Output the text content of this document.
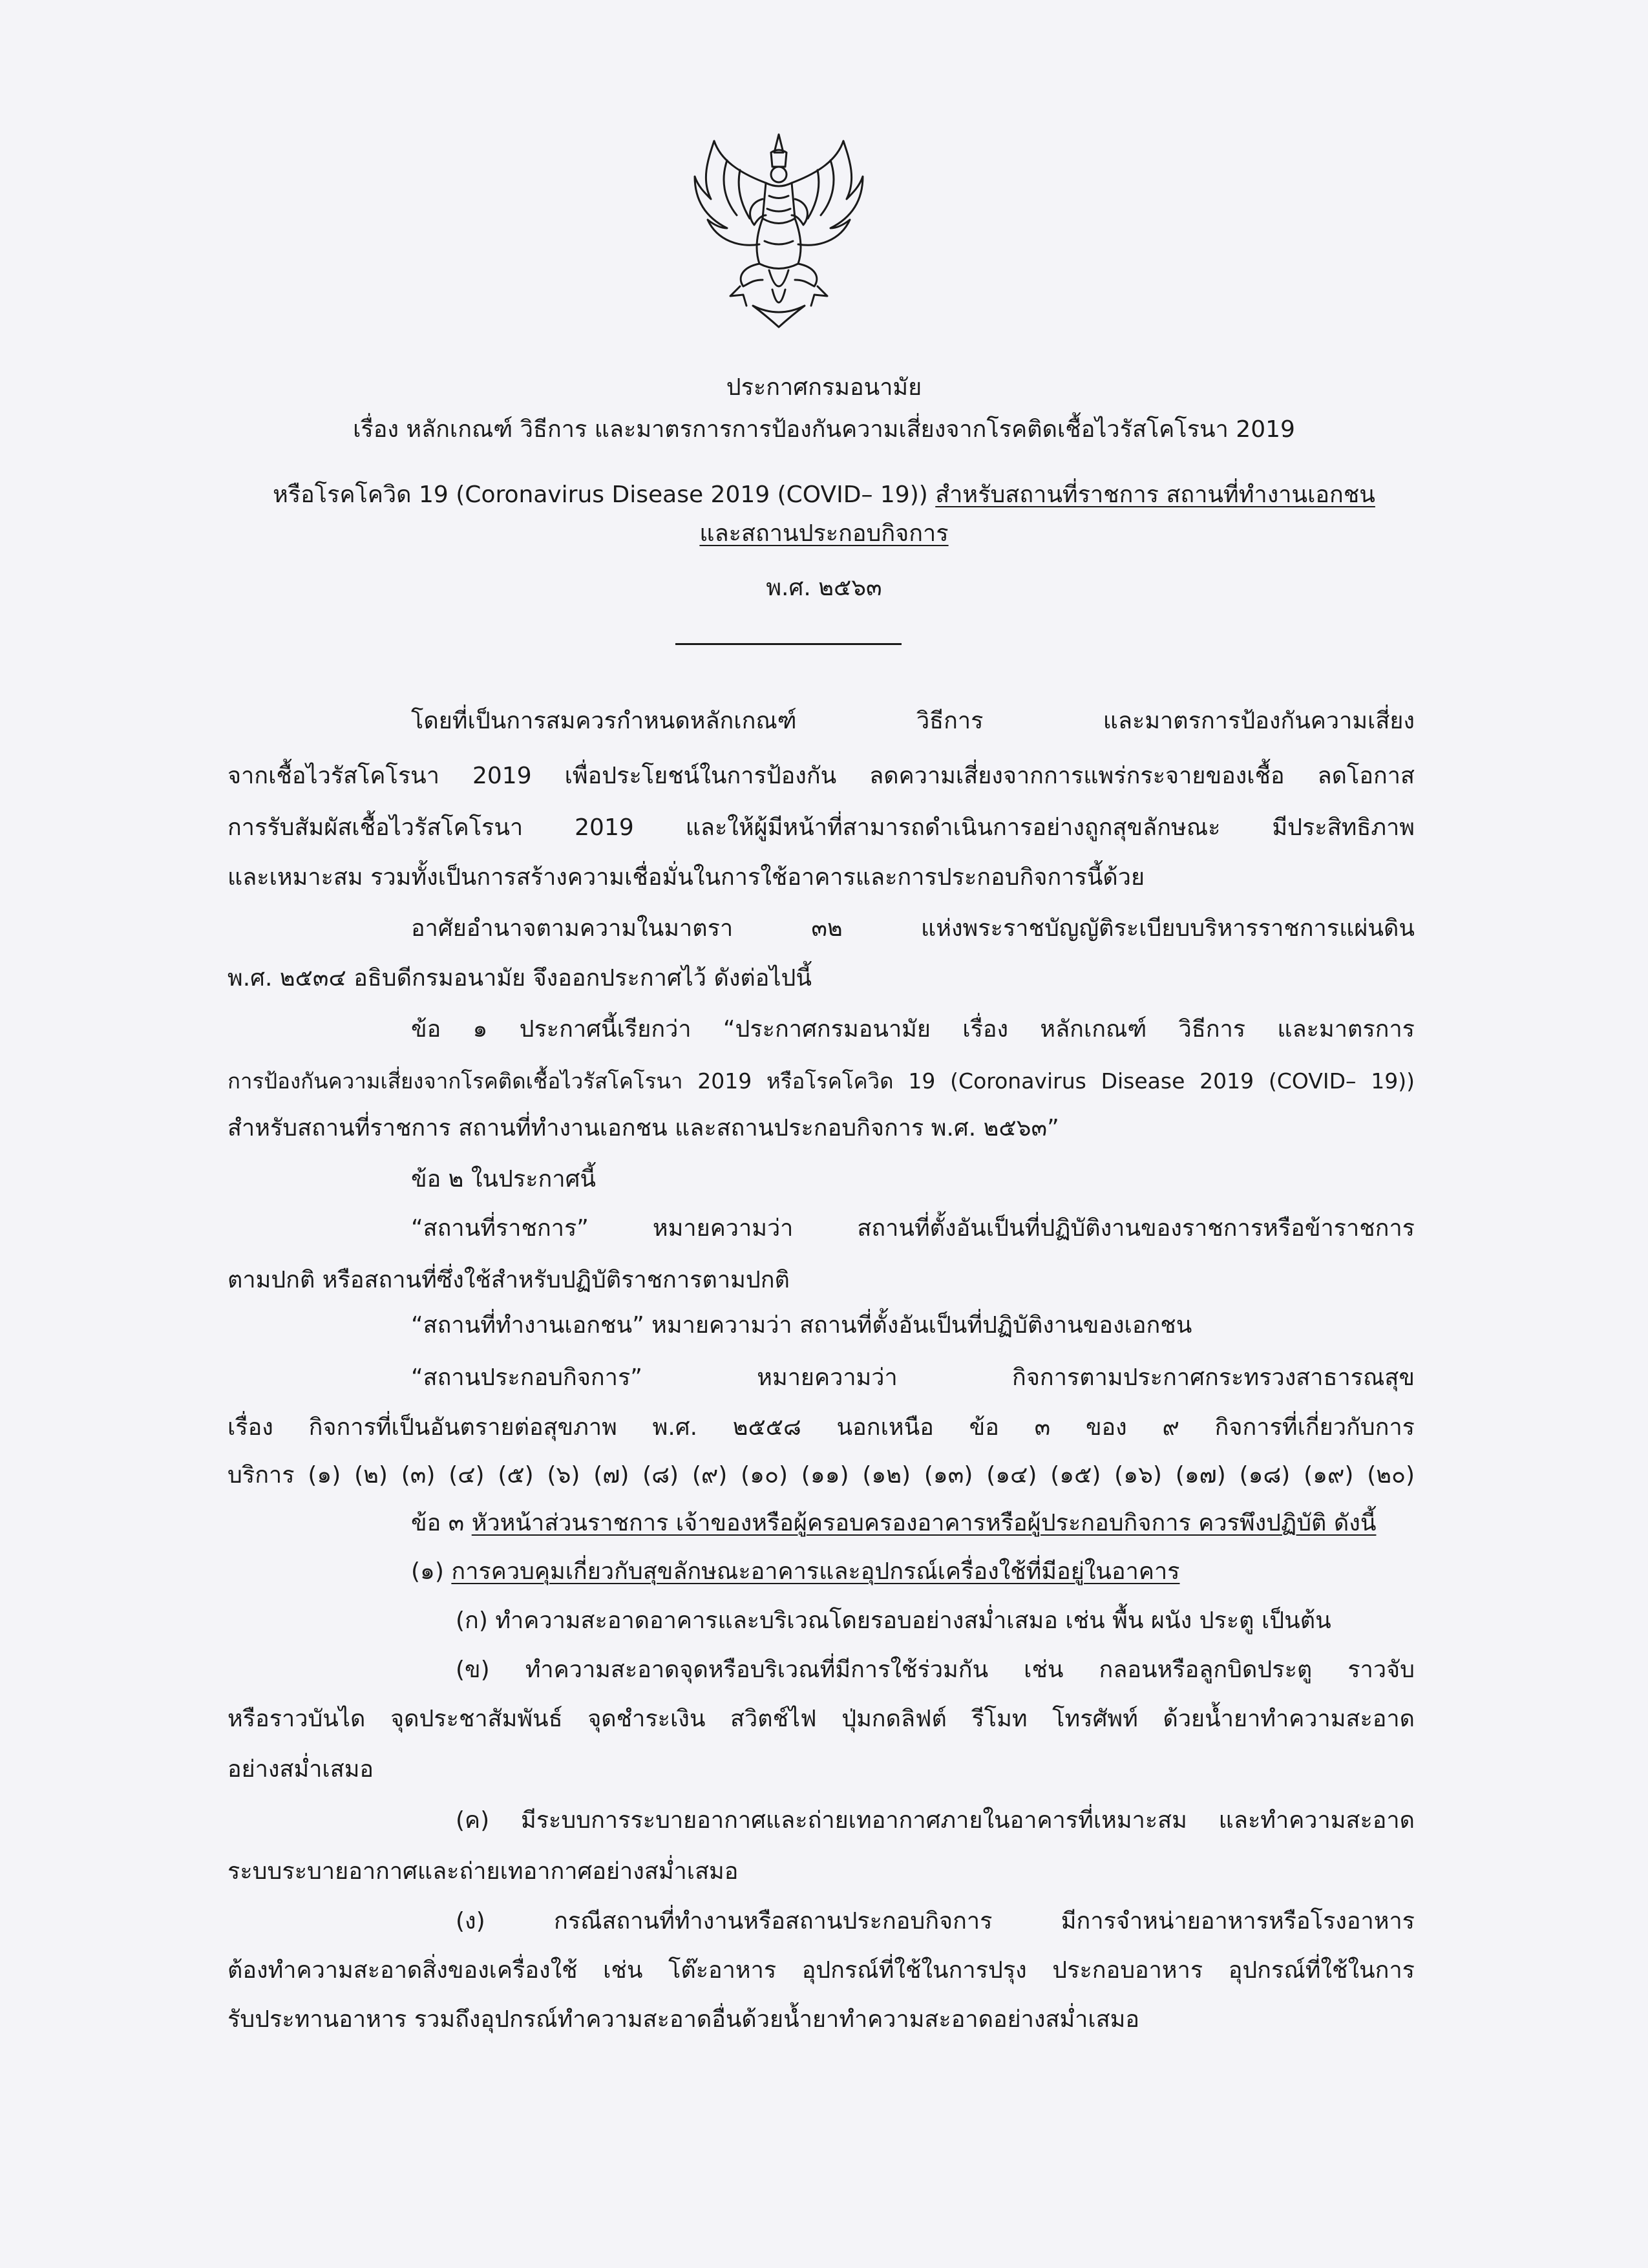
ประกาศกรมอนามัย
เรื่อง หลักเกณฑ์ วิธีการ และมาตรการการป้องกันความเสี่ยงจากโรคติดเชื้อไวรัสโคโรนา 2019
หรือโรคโควิด 19 (Coronavirus Disease 2019 (COVID– 19)) สำหรับสถานที่ราชการ สถานที่ทำงานเอกชน
และสถานประกอบกิจการ
พ.ศ. ๒๕๖๓
โดยที่เป็นการสมควรกำหนดหลักเกณฑ์ วิธีการ และมาตรการป้องกันความเสี่ยง
จากเชื้อไวรัสโคโรนา 2019 เพื่อประโยชน์ในการป้องกัน ลดความเสี่ยงจากการแพร่กระจายของเชื้อ ลดโอกาส
การรับสัมผัสเชื้อไวรัสโคโรนา 2019 และให้ผู้มีหน้าที่สามารถดำเนินการอย่างถูกสุขลักษณะ มีประสิทธิภาพ
และเหมาะสม รวมทั้งเป็นการสร้างความเชื่อมั่นในการใช้อาคารและการประกอบกิจการนี้ด้วย
อาศัยอำนาจตามความในมาตรา ๓๒ แห่งพระราชบัญญัติระเบียบบริหารราชการแผ่นดิน
พ.ศ. ๒๕๓๔ อธิบดีกรมอนามัย จึงออกประกาศไว้ ดังต่อไปนี้
ข้อ ๑ ประกาศนี้เรียกว่า “ประกาศกรมอนามัย เรื่อง หลักเกณฑ์ วิธีการ และมาตรการ
การป้องกันความเสี่ยงจากโรคติดเชื้อไวรัสโคโรนา 2019 หรือโรคโควิด 19 (Coronavirus Disease 2019 (COVID– 19))
สำหรับสถานที่ราชการ สถานที่ทำงานเอกชน และสถานประกอบกิจการ พ.ศ. ๒๕๖๓”
ข้อ ๒ ในประกาศนี้
“สถานที่ราชการ” หมายความว่า สถานที่ตั้งอันเป็นที่ปฏิบัติงานของราชการหรือข้าราชการ
ตามปกติ หรือสถานที่ซึ่งใช้สำหรับปฏิบัติราชการตามปกติ
“สถานที่ทำงานเอกชน” หมายความว่า สถานที่ตั้งอันเป็นที่ปฏิบัติงานของเอกชน
“สถานประกอบกิจการ” หมายความว่า กิจการตามประกาศกระทรวงสาธารณสุข
เรื่อง กิจการที่เป็นอันตรายต่อสุขภาพ พ.ศ. ๒๕๕๘ นอกเหนือ ข้อ ๓ ของ ๙ กิจการที่เกี่ยวกับการ
บริการ (๑) (๒) (๓) (๔) (๕) (๖) (๗) (๘) (๙) (๑๐) (๑๑) (๑๒) (๑๓) (๑๔) (๑๕) (๑๖) (๑๗) (๑๘) (๑๙) (๒๐)
ข้อ ๓ หัวหน้าส่วนราชการ เจ้าของหรือผู้ครอบครองอาคารหรือผู้ประกอบกิจการ ควรพึงปฏิบัติ ดังนี้
(๑) การควบคุมเกี่ยวกับสุขลักษณะอาคารและอุปกรณ์เครื่องใช้ที่มีอยู่ในอาคาร
(ก) ทำความสะอาดอาคารและบริเวณโดยรอบอย่างสม่ำเสมอ เช่น พื้น ผนัง ประตู เป็นต้น
(ข) ทำความสะอาดจุดหรือบริเวณที่มีการใช้ร่วมกัน เช่น กลอนหรือลูกบิดประตู ราวจับ
หรือราวบันได จุดประชาสัมพันธ์ จุดชำระเงิน สวิตช์ไฟ ปุ่มกดลิฟต์ รีโมท โทรศัพท์ ด้วยน้ำยาทำความสะอาด
อย่างสม่ำเสมอ
(ค) มีระบบการระบายอากาศและถ่ายเทอากาศภายในอาคารที่เหมาะสม และทำความสะอาด
ระบบระบายอากาศและถ่ายเทอากาศอย่างสม่ำเสมอ
(ง) กรณีสถานที่ทำงานหรือสถานประกอบกิจการ มีการจำหน่ายอาหารหรือโรงอาหาร
ต้องทำความสะอาดสิ่งของเครื่องใช้ เช่น โต๊ะอาหาร อุปกรณ์ที่ใช้ในการปรุง ประกอบอาหาร อุปกรณ์ที่ใช้ในการ
รับประทานอาหาร รวมถึงอุปกรณ์ทำความสะอาดอื่นด้วยน้ำยาทำความสะอาดอย่างสม่ำเสมอ
